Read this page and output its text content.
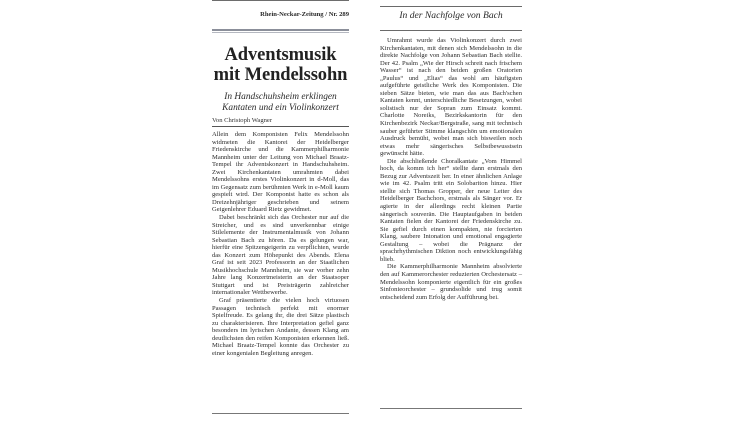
Rhein-Neckar-Zeitung / Nr. 289
Adventsmusik
mit Mendelssohn
In Handschuhsheim erklingen
Kantaten und ein Violinkonzert
Von Christoph Wagner

Allein dem Komponisten Felix Mendelssohn widmeten die Kantorei der Heidelberger Friedenskirche und die Kammerphilharmonie Mannheim unter der Leitung von Michael Braatz-Tempel ihr Adventskonzert in Handschuhsheim. Zwei Kirchenkantaten umrahmten dabei Mendelssohns erstes Violinkonzert in d-Moll, das im Gegensatz zum berühmten Werk in e-Moll kaum gespielt wird. Der Komponist hatte es schon als Dreizehnjähriger geschrieben und seinem Geigenlehrer Eduard Rietz gewidmet.

Dabei beschränkt sich das Orchester nur auf die Streicher, und es sind unverkennbar einige Stilelemente der Instrumentalmusik von Johann Sebastian Bach zu hören. Da es gelungen war, hierfür eine Spitzengeigerin zu verpflichten, wurde das Konzert zum Höhepunkt des Abends. Elena Graf ist seit 2023 Professorin an der Staatlichen Musikhochschule Mannheim, sie war vorher zehn Jahre lang Konzertmeisterin an der Staatsoper Stuttgart und ist Preisträgerin zahlreicher internationaler Wettbewerbe.

Graf präsentierte die vielen hoch virtuosen Passagen technisch perfekt mit enormer Spielfreude. Es gelang ihr, die drei Sätze plastisch zu charakterisieren. Ihre Interpretation gefiel ganz besonders im lyrischen Andante, dessen Klang am deutlichsten den reifen Komponisten erkennen ließ. Michael Braatz-Tempel konnte das Orchester zu einer kongenialen Begleitung anregen.

In der Nachfolge von Bach

Umrahmt wurde das Violinkonzert durch zwei Kirchenkantaten, mit denen sich Mendelssohn in die direkte Nachfolge von Johann Sebastian Bach stellte. Der 42. Psalm „Wie der Hirsch schreit nach frischem Wasser“ ist nach den beiden großen Oratorien „Paulus“ und „Elias“ das wohl am häufigsten aufgeführte geistliche Werk des Komponisten. Die sieben Sätze bieten, wie man das aus Bach'schen Kantaten kennt, unterschiedliche Besetzungen, wobei solistisch nur der Sopran zum Einsatz kommt. Charlotte Noreiks, Bezirkskantorin für den Kirchenbezirk Neckar/Bergstraße, sang mit technisch sauber geführter Stimme klangschön um emotionalen Ausdruck bemüht, wobei man sich bisweilen noch etwas mehr sängerisches Selbstbewusstsein gewünscht hätte.

Die abschließende Choralkantate „Vom Himmel hoch, da komm ich her“ stellte dann erstmals den Bezug zur Adventszeit her. In einer ähnlichen Anlage wie im 42. Psalm tritt ein Solobariton hinzu. Hier stellte sich Thomas Gropper, der neue Leiter des Heidelberger Bachchors, erstmals als Sänger vor. Er agierte in der allerdings recht kleinen Partie sängerisch souverän. Die Hauptaufgaben in beiden Kantaten fielen der Kantorei der Friedenskirche zu. Sie gefiel durch einen kompakten, nie forcierten Klang, saubere Intonation und emotional engagierte Gestaltung – wobei die Prägnanz der sprachrhythmischen Diktion noch entwicklungsfähig blieb.

Die Kammerphilharmonie Mannheim absolvierte den auf Kammerorchester reduzierten Orchestersatz – Mendelssohn komponierte eigentlich für ein großes Sinfonieorchester – grundsolide und trug somit entscheidend zum Erfolg der Aufführung bei.
